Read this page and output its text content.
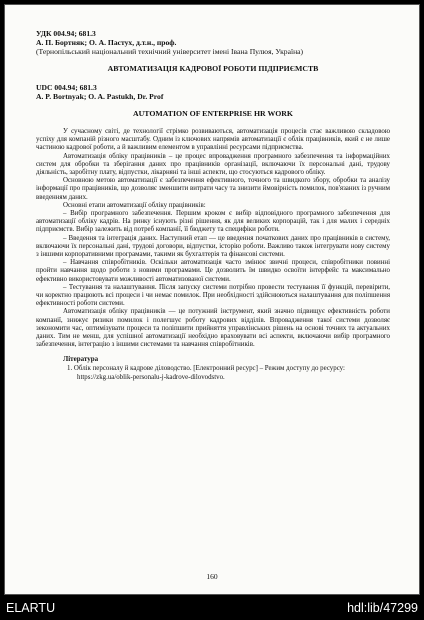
УДК 004.94; 681.3

А. П. Бортняк; О. А. Пастух, д.т.н., проф.

(Тернопільський національний технічний університет імені Івана Пулюя, Україна)

АВТОМАТИЗАЦІЯ КАДРОВОЇ РОБОТИ ПІДПРИЄМСТВ

UDC 004.94; 681.3

A. P. Bortnyak; O. A. Pastukh, Dr. Prof

AUTOMATION OF ENTERPRISE HR WORK

У сучасному світі, де технології стрімко розвиваються, автоматизація процесів стає важливою складовою успіху для компаній різного масштабу. Одним із ключових напрямів автоматизації є облік працівників, який є не лише частиною кадрової роботи, а й важливим елементом в управлінні ресурсами підприємства.

Автоматизація обліку працівників – це процес впровадження програмного забезпечення та інформаційних систем для обробки та зберігання даних про працівників організації, включаючи їх персональні дані, трудову діяльність, заробітну плату, відпустки, лікарняні та інші аспекти, що стосуються кадрового обліку.

Основною метою автоматизації є забезпечення ефективного, точного та швидкого збору, обробки та аналізу інформації про працівників, що дозволяє зменшити витрати часу та знизити ймовірність помилок, пов'язаних із ручним введенням даних.

Основні етапи автоматизації обліку працівників:

– Вибір програмного забезпечення. Першим кроком є вибір відповідного програмного забезпечення для автоматизації обліку кадрів. На ринку існують різні рішення, як для великих корпорацій, так і для малих і середніх підприємств. Вибір залежить від потреб компанії, її бюджету та специфіки роботи.

– Введення та інтеграція даних. Наступний етап — це введення початкових даних про працівників в систему, включаючи їх персональні дані, трудові договори, відпустки, історію роботи. Важливо також інтегрувати нову систему з іншими корпоративними програмами, такими як бухгалтерія та фінансові системи.

– Навчання співробітників. Оскільки автоматизація часто змінює звичні процеси, співробітники повинні пройти навчання щодо роботи з новими програмами. Це дозволить їм швидко освоїти інтерфейс та максимально ефективно використовувати можливості автоматизованої системи.

– Тестування та налаштування. Після запуску системи потрібно провести тестування її функцій, перевірити, чи коректно працюють всі процеси і чи немає помилок. При необхідності здійснюються налаштування для поліпшення ефективності роботи системи.

Автоматизація обліку працівників — це потужний інструмент, який значно підвищує ефективність роботи компанії, знижує ризики помилок і полегшує роботу кадрових відділів. Впровадження такої системи дозволяє зекономити час, оптимізувати процеси та поліпшити прийняття управлінських рішень на основі точних та актуальних даних. Тим не менш, для успішної автоматизації необхідно враховувати всі аспекти, включаючи вибір програмного забезпечення, інтеграцію з іншими системами та навчання співробітників.

Література

1. Облік персоналу й кадрове діловодство. [Електронний ресурс] – Режим доступу до ресурсу: https://zkg.ua/oblik-personalu-j-kadrove-dilovodstvo.

160
ELARTU	hdl:lib/47299
